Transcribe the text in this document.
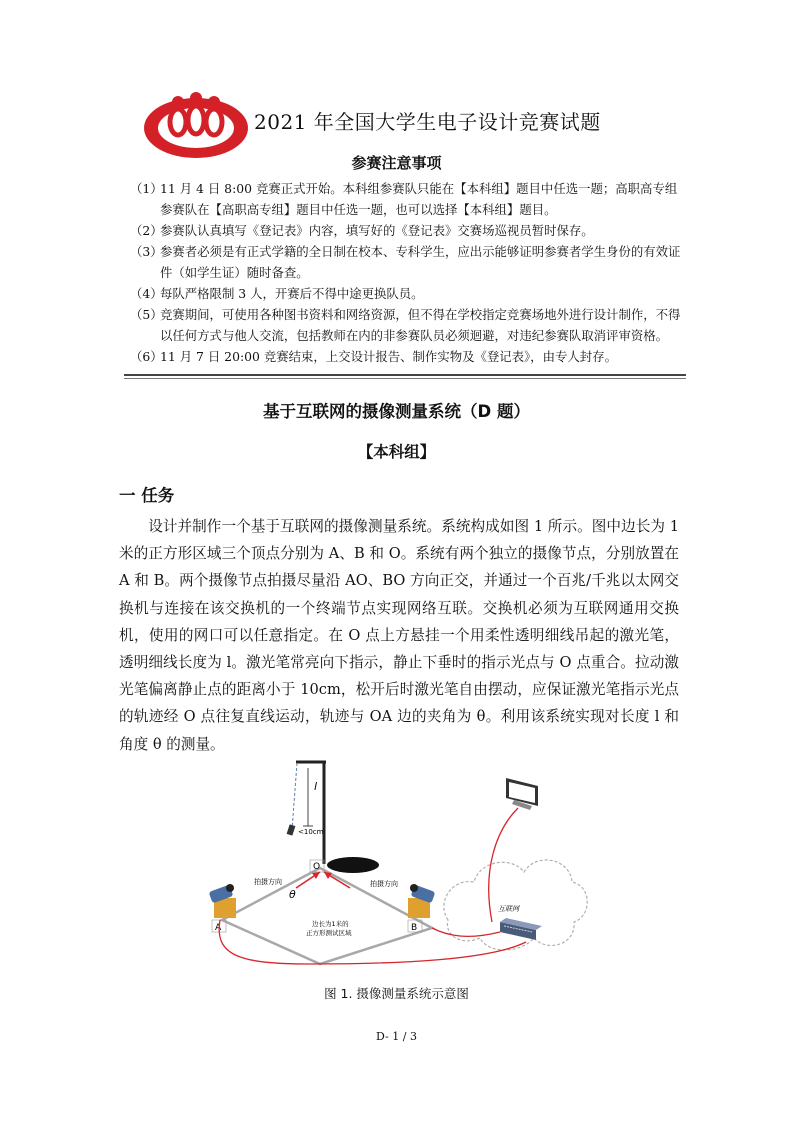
2021 年全国大学生电子设计竞赛试题
参赛注意事项
（1）
11 月 4 日 8:00 竞赛正式开始。本科组参赛队只能在【本科组】题目中任选一题；高职高专组参赛队在【高职高专组】题目中任选一题，也可以选择【本科组】题目。
（2）
参赛队认真填写《登记表》内容，填写好的《登记表》交赛场巡视员暂时保存。
（3）
参赛者必须是有正式学籍的全日制在校本、专科学生，应出示能够证明参赛者学生身份的有效证件（如学生证）随时备查。
（4）
每队严格限制 3 人，开赛后不得中途更换队员。
（5）
竞赛期间，可使用各种图书资料和网络资源，但不得在学校指定竞赛场地外进行设计制作，不得以任何方式与他人交流，包括教师在内的非参赛队员必须迴避，对违纪参赛队取消评审资格。
（6）
11 月 7 日 20:00 竞赛结束，上交设计报告、制作实物及《登记表》，由专人封存。
基于互联网的摄像测量系统（D 题）
【本科组】
一 任务
设计并制作一个基于互联网的摄像测量系统。系统构成如图 1 所示。图中边长为 1 米的正方形区域三个顶点分别为 A、B 和 O。系统有两个独立的摄像节点，分别放置在 A 和 B。两个摄像节点拍摄尽量沿 AO、BO 方向正交，并通过一个百兆/千兆以太网交换机与连接在该交换机的一个终端节点实现网络互联。交换机必须为互联网通用交换机，使用的网口可以任意指定。在 O 点上方悬挂一个用柔性透明细线吊起的激光笔，透明细线长度为 l。激光笔常亮向下指示，静止下垂时的指示光点与 O 点重合。拉动激光笔偏离静止点的距离小于 10cm，松开后时激光笔自由摆动，应保证激光笔指示光点的轨迹经 O 点往复直线运动，轨迹与 OA 边的夹角为 θ。利用该系统实现对长度 l 和角度 θ 的测量。
l
<10cm
O
θ
拍摄方向	拍摄方向
A	B
边长为1米的
正方形测试区域
互联网
图 1. 摄像测量系统示意图
D- 1 / 3
